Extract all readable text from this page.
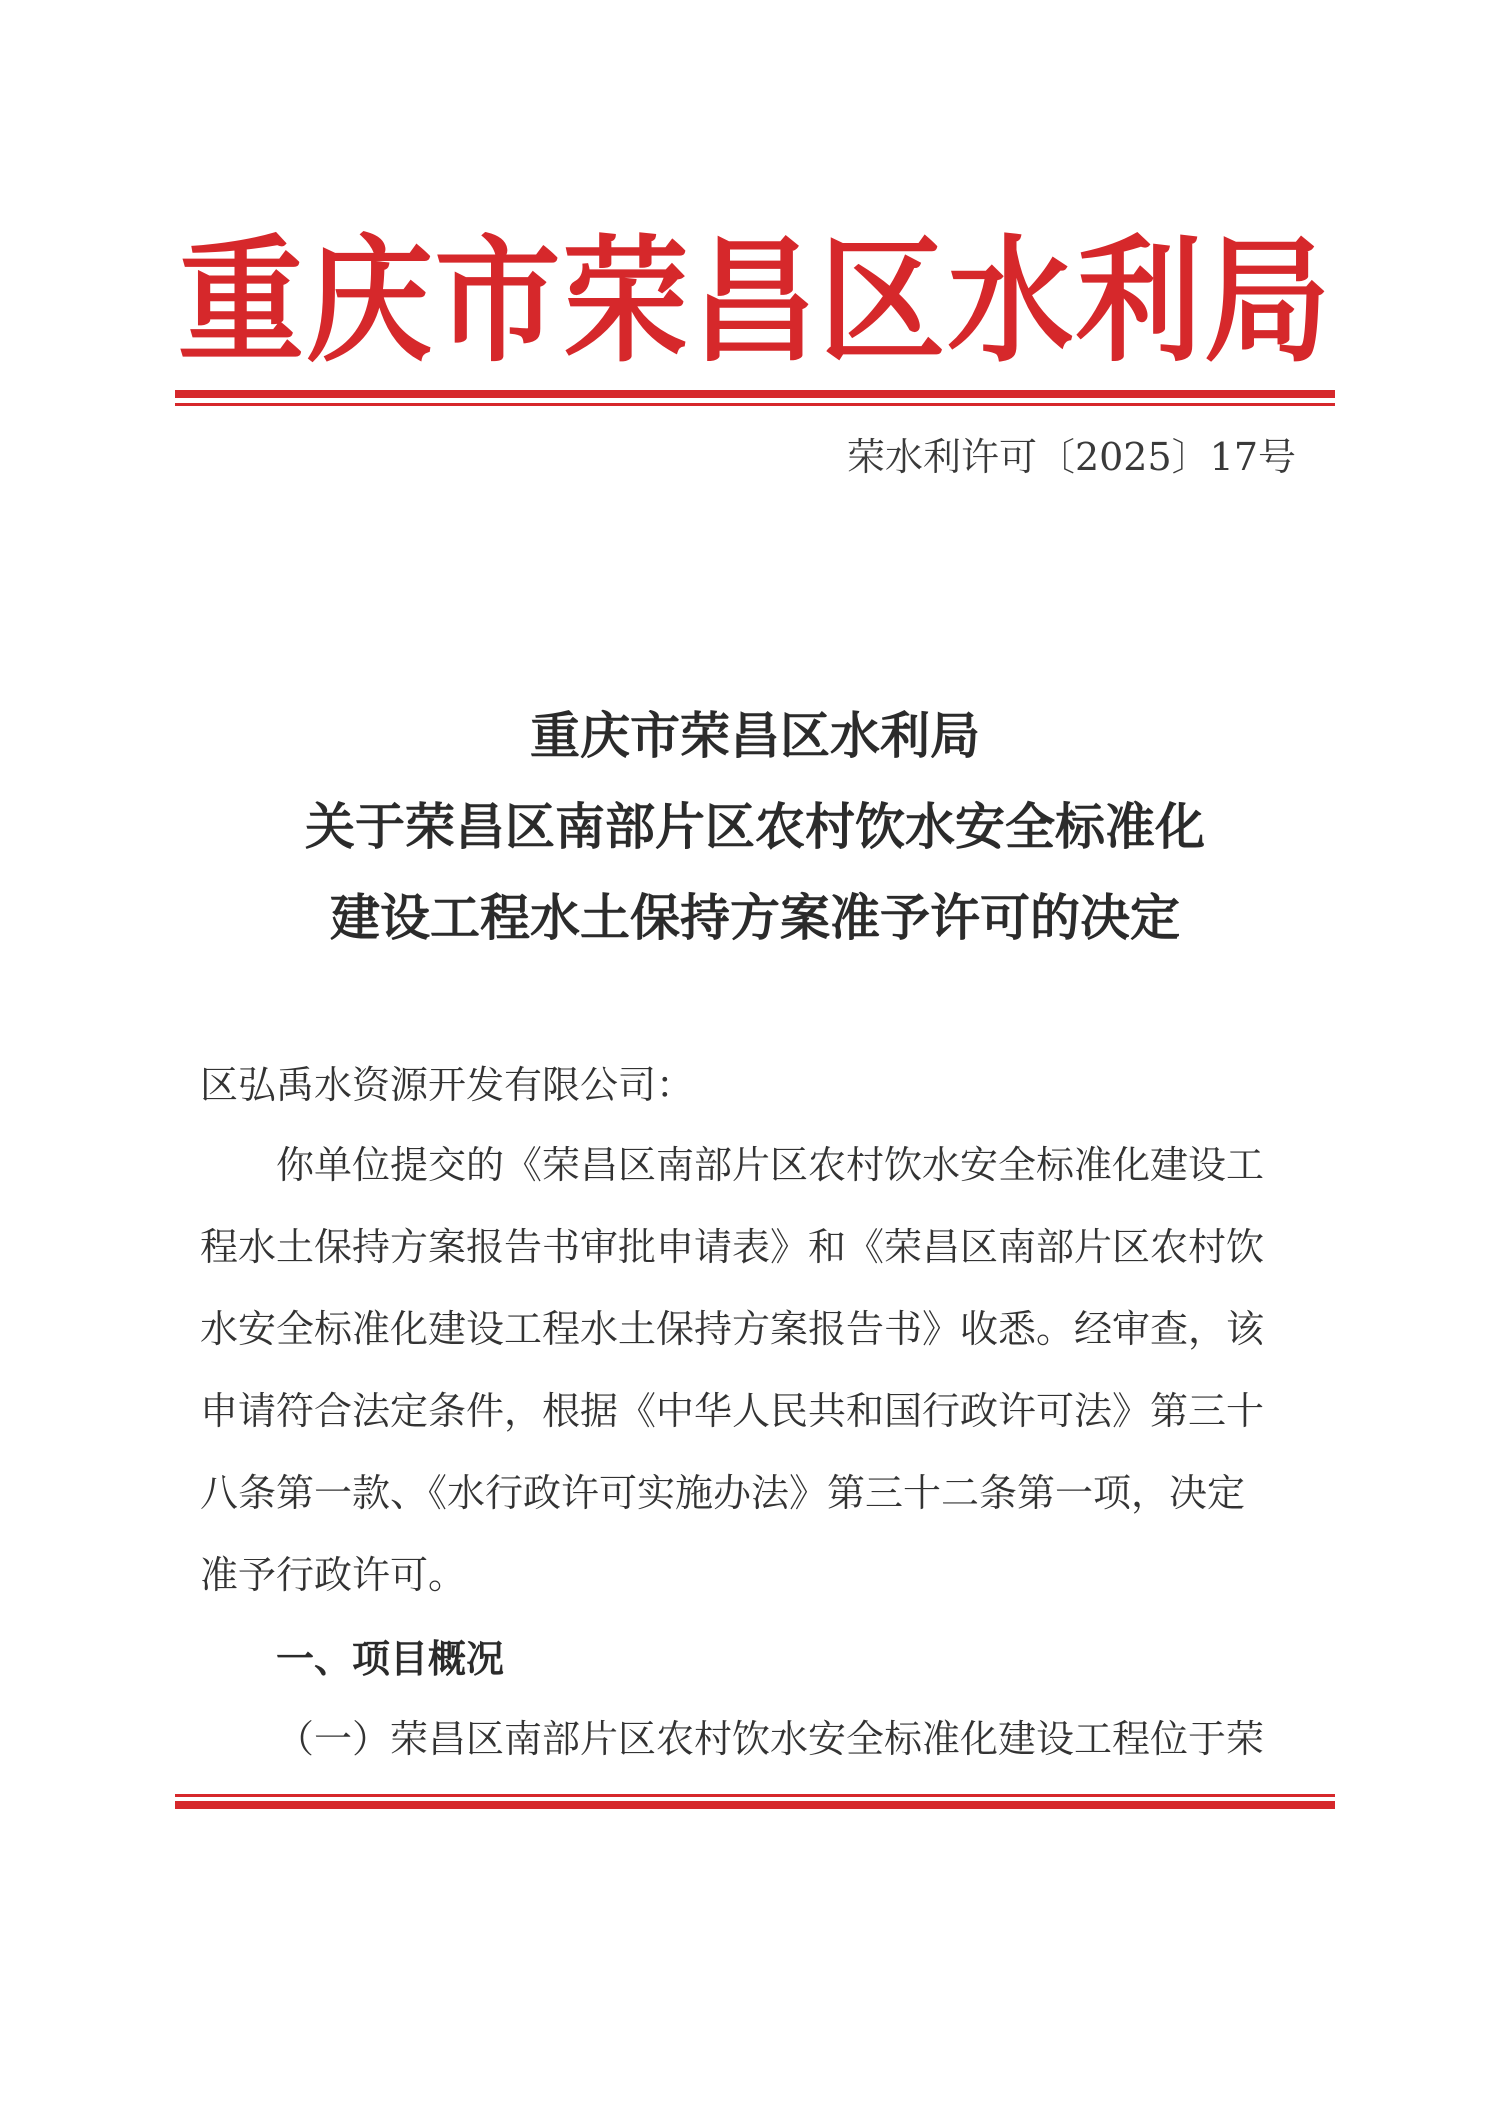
重 庆 市 荣 昌 区 水 利 局
荣水利许可〔2025〕17号
重庆市荣昌区水利局
关于荣昌区南部片区农村饮水安全标准化
建设工程水土保持方案准予许可的决定
区弘禹水资源开发有限公司：
你单位提交的《荣昌区南部片区农村饮水安全标准化建设工
程水土保持方案报告书审批申请表》和《荣昌区南部片区农村饮
水安全标准化建设工程水土保持方案报告书》收悉。经审查，该
申请符合法定条件，根据《中华人民共和国行政许可法》第三十
八条第一款、《水行政许可实施办法》第三十二条第一项，决定
准予行政许可。
一、项目概况
（一）荣昌区南部片区农村饮水安全标准化建设工程位于荣
